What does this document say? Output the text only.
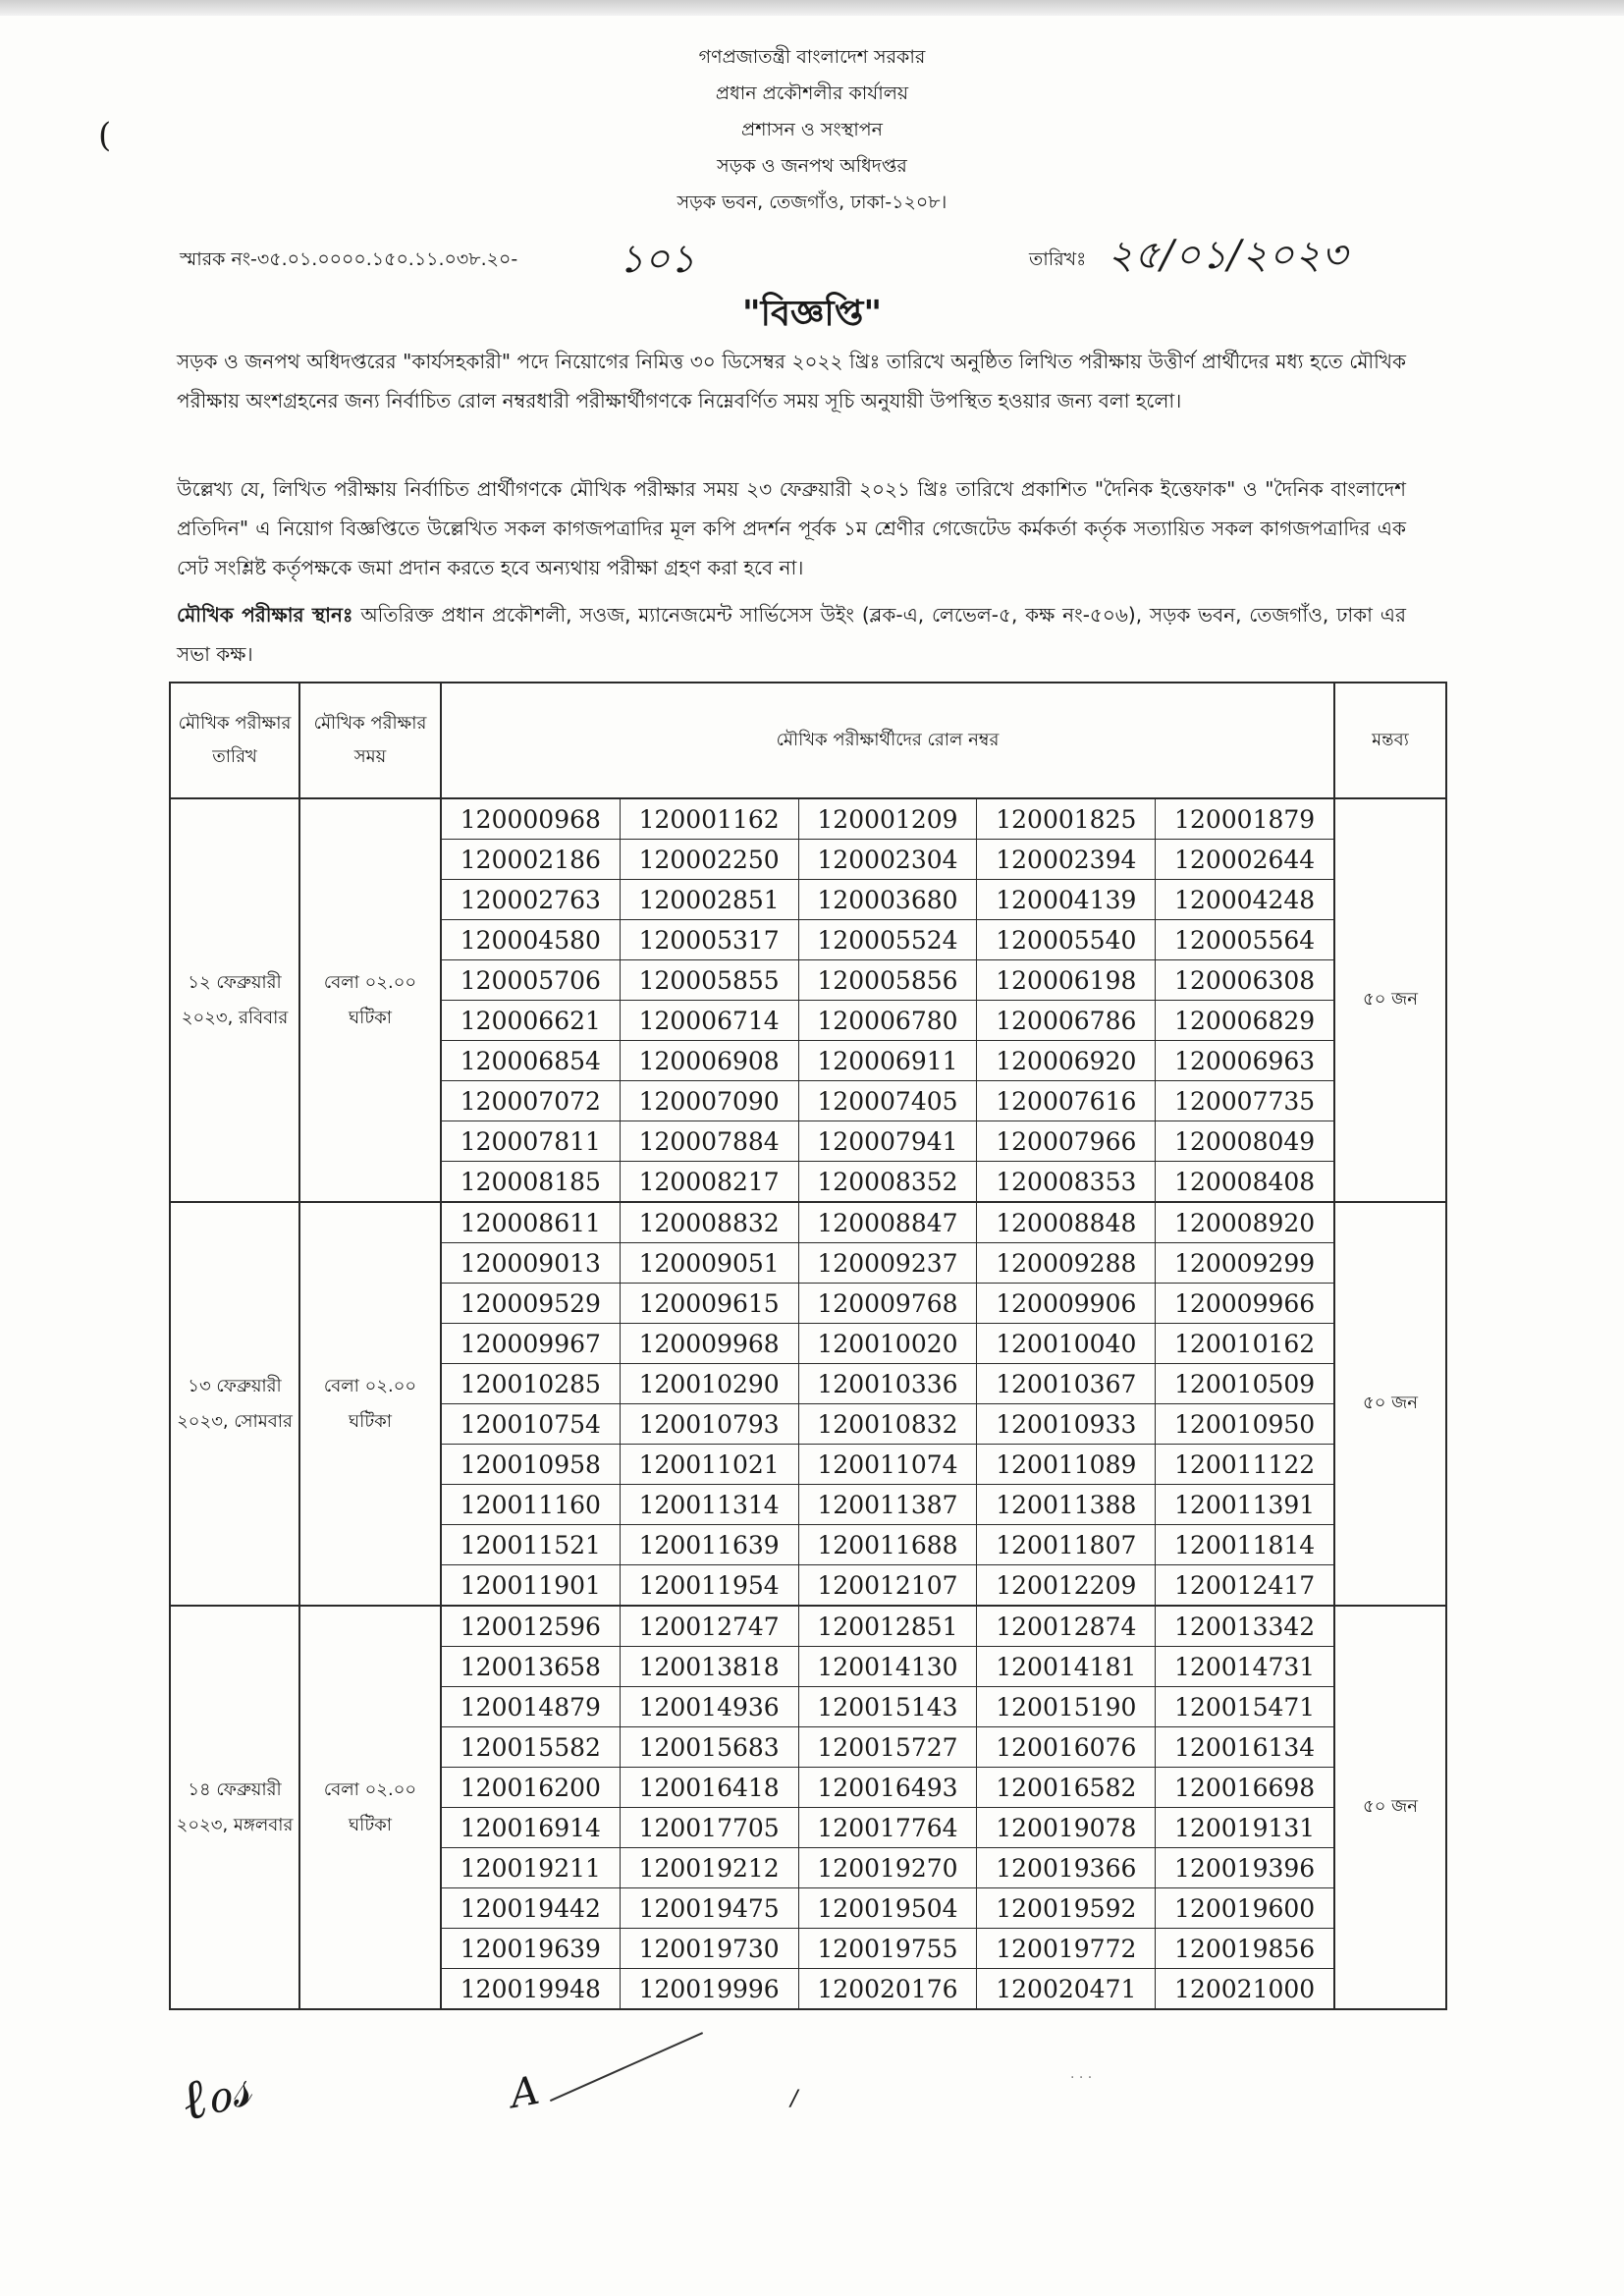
গণপ্রজাতন্ত্রী বাংলাদেশ সরকার
প্রধান প্রকৌশলীর কার্যালয়
প্রশাসন ও সংস্থাপন
সড়ক ও জনপথ অধিদপ্তর
সড়ক ভবন, তেজগাঁও, ঢাকা-১২০৮।
(
স্মারক নং-৩৫.০১.০০০০.১৫০.১১.০৩৮.২০-	১০১	তারিখঃ ২৫/০১/২০২৩
"বিজ্ঞপ্তি"
সড়ক ও জনপথ অধিদপ্তরের "কার্যসহকারী" পদে নিয়োগের নিমিত্ত ৩০ ডিসেম্বর ২০২২ খ্রিঃ তারিখে অনুষ্ঠিত লিখিত পরীক্ষায় উত্তীর্ণ প্রার্থীদের মধ্য হতে মৌখিক পরীক্ষায় অংশগ্রহনের জন্য নির্বাচিত রোল নম্বরধারী পরীক্ষার্থীগণকে নিম্নেবর্ণিত সময় সূচি অনুযায়ী উপস্থিত হওয়ার জন্য বলা হলো।
উল্লেখ্য যে, লিখিত পরীক্ষায় নির্বাচিত প্রার্থীগণকে মৌখিক পরীক্ষার সময় ২৩ ফেব্রুয়ারী ২০২১ খ্রিঃ তারিখে প্রকাশিত "দৈনিক ইত্তেফাক" ও "দৈনিক বাংলাদেশ প্রতিদিন" এ নিয়োগ বিজ্ঞপ্তিতে উল্লেখিত সকল কাগজপত্রাদির মূল কপি প্রদর্শন পূর্বক ১ম শ্রেণীর গেজেটেড কর্মকর্তা কর্তৃক সত্যায়িত সকল কাগজপত্রাদির এক সেট সংশ্লিষ্ট কর্তৃপক্ষকে জমা প্রদান করতে হবে অন্যথায় পরীক্ষা গ্রহণ করা হবে না।
মৌখিক পরীক্ষার স্থানঃ অতিরিক্ত প্রধান প্রকৌশলী, সওজ, ম্যানেজমেন্ট সার্ভিসেস উইং (ব্লক-এ, লেভেল-৫, কক্ষ নং-৫০৬), সড়ক ভবন, তেজগাঁও, ঢাকা এর সভা কক্ষ।
মৌখিক পরীক্ষার তারিখ	মৌখিক পরীক্ষার সময়	মৌখিক পরীক্ষার্থীদের রোল নম্বর	মন্তব্য
১২ ফেব্রুয়ারী ২০২৩, রবিবার	বেলা ০২.০০ ঘটিকা	
120000968	120001162	120001209	120001825	120001879
120002186	120002250	120002304	120002394	120002644
120002763	120002851	120003680	120004139	120004248
120004580	120005317	120005524	120005540	120005564
120005706	120005855	120005856	120006198	120006308
120006621	120006714	120006780	120006786	120006829
120006854	120006908	120006911	120006920	120006963
120007072	120007090	120007405	120007616	120007735
120007811	120007884	120007941	120007966	120008049
120008185	120008217	120008352	120008353	120008408
	৫০ জন
১৩ ফেব্রুয়ারী ২০২৩, সোমবার	বেলা ০২.০০ ঘটিকা	
120008611	120008832	120008847	120008848	120008920
120009013	120009051	120009237	120009288	120009299
120009529	120009615	120009768	120009906	120009966
120009967	120009968	120010020	120010040	120010162
120010285	120010290	120010336	120010367	120010509
120010754	120010793	120010832	120010933	120010950
120010958	120011021	120011074	120011089	120011122
120011160	120011314	120011387	120011388	120011391
120011521	120011639	120011688	120011807	120011814
120011901	120011954	120012107	120012209	120012417
	৫০ জন
১৪ ফেব্রুয়ারী ২০২৩, মঙ্গলবার	বেলা ০২.০০ ঘটিকা	
120012596	120012747	120012851	120012874	120013342
120013658	120013818	120014130	120014181	120014731
120014879	120014936	120015143	120015190	120015471
120015582	120015683	120015727	120016076	120016134
120016200	120016418	120016493	120016582	120016698
120016914	120017705	120017764	120019078	120019131
120019211	120019212	120019270	120019366	120019396
120019442	120019475	120019504	120019592	120019600
120019639	120019730	120019755	120019772	120019856
120019948	120019996	120020176	120020471	120021000
	৫০ জন
ℓℴ𝓈	A	/
· · ·
